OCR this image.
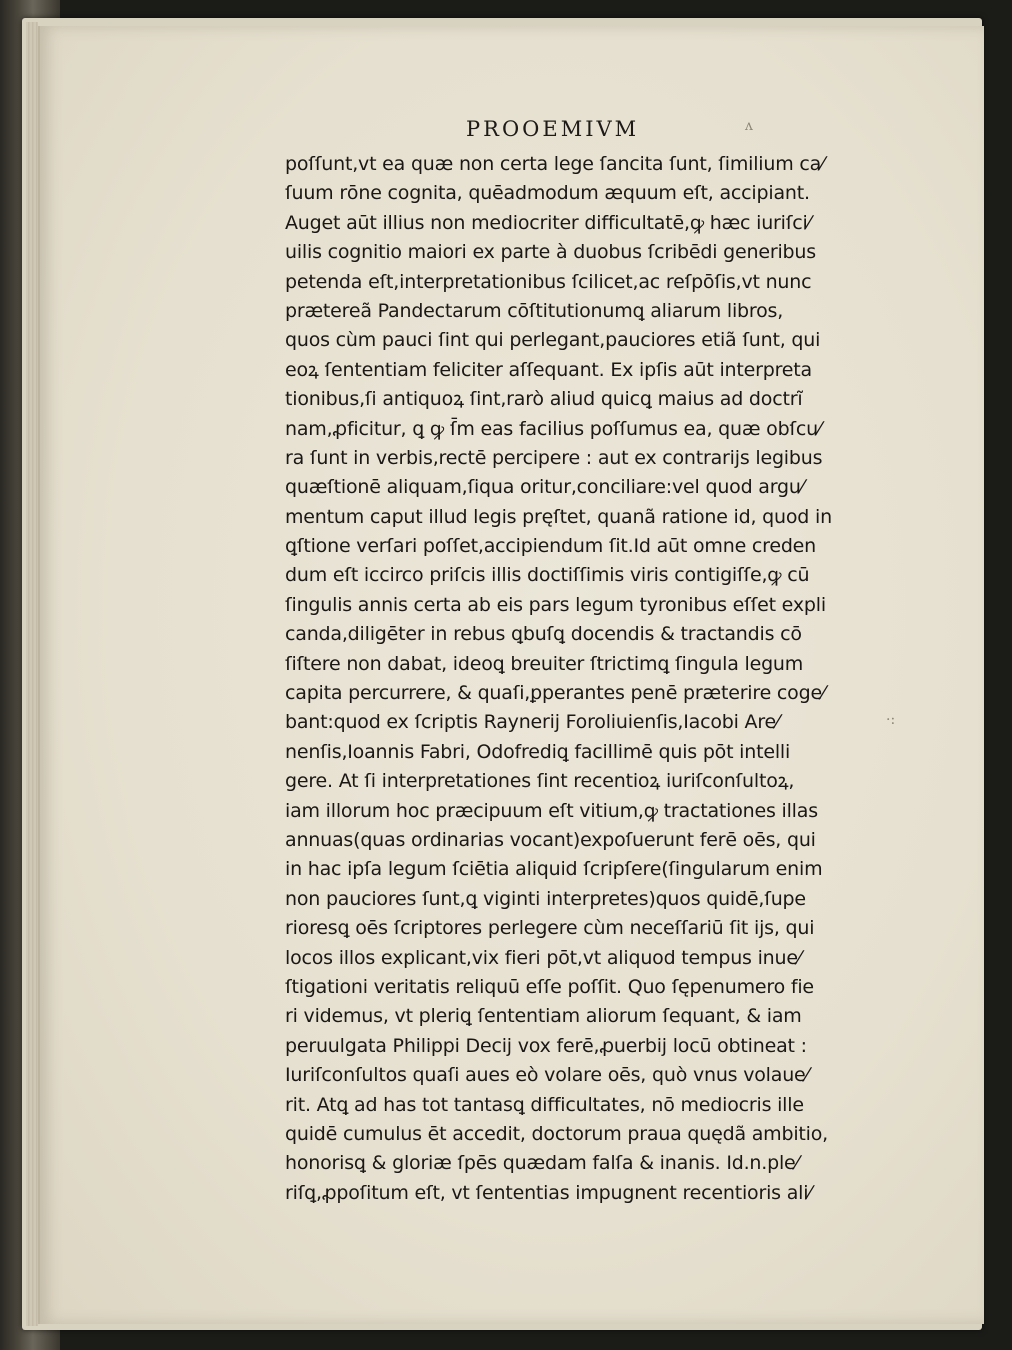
PROOEMIVM
poſſunt,vt ea quæ non certa lege ſancita ſunt, ſimilium ca⁄
ſuum rōne cognita, quēadmodum æquum eſt, accipiant.
Auget aūt illius non mediocriter difficultatē,ꝙ hæc iuriſci⁄
uilis cognitio maiori ex parte à duobus ſcribēdi generibus
petenda eſt,interpretationibus ſcilicet,ac reſpōſis,vt nunc
prætereã Pandectarum cōſtitutionumꝗ aliarum libros,
quos cùm pauci ſint qui perlegant,pauciores etiã ſunt, qui
eoꝝ ſententiam feliciter aſſequant. Ex ipſis aūt interpreta
tionibus,ſi antiquoꝝ ſint,rarò aliud quicꝗ maius ad doctrĩ
nam,ꝓficitur, ꝗ ꝙ ſ̄m eas facilius poſſumus ea, quæ obſcu⁄
ra ſunt in verbis,rectē percipere : aut ex contrarijs legibus
quæſtionē aliquam,ſiqua oritur,conciliare:vel quod argu⁄
mentum caput illud legis pręſtet, quanã ratione id, quod in
ꝗſtione verſari poſſet,accipiendum ſit.Id aūt omne creden
dum eſt iccirco priſcis illis doctiſſimis viris contigiſſe,ꝙ cū
ſingulis annis certa ab eis pars legum tyronibus eſſet expli
canda,diligēter in rebus ꝗbuſꝗ docendis & tractandis cō
ſiſtere non dabat, ideoꝗ breuiter ſtrictimꝗ ſingula legum
capita percurrere, & quaſi,ꝑperantes penē præterire coge⁄
bant:quod ex ſcriptis Raynerij Foroliuienſis,Iacobi Are⁄
nenſis,Ioannis Fabri, Odofrediꝗ facillimē quis pōt intelli
gere. At ſi interpretationes ſint recentioꝝ iuriſconſultoꝝ,
iam illorum hoc præcipuum eſt vitium,ꝙ tractationes illas
annuas(quas ordinarias vocant)expoſuerunt ferē oēs, qui
in hac ipſa legum ſciētia aliquid ſcripſere(ſingularum enim
non pauciores ſunt,ꝗ viginti interpretes)quos quidē,ſupe
rioresꝗ oēs ſcriptores perlegere cùm neceſſariū ſit ijs, qui
locos illos explicant,vix fieri pōt,vt aliquod tempus inue⁄
ſtigationi veritatis reliquū eſſe poſſit. Quo ſępenumero fie
ri videmus, vt pleriꝗ ſententiam aliorum ſequant, & iam
peruulgata Philippi Decij vox ferē,ꝓuerbij locū obtineat :
Iuriſconſultos quaſi aues eò volare oēs, quò vnus volaue⁄
rit. Atꝗ ad has tot tantasꝗ difficultates, nō mediocris ille
quidē cumulus ēt accedit, doctorum praua quędã ambitio,
honorisꝗ & gloriæ ſpēs quædam falſa & inanis. Id.n.ple⁄
riſꝗ,ꝓpoſitum eſt, vt ſententias impugnent recentioris ali⁄
ʌ
·:
